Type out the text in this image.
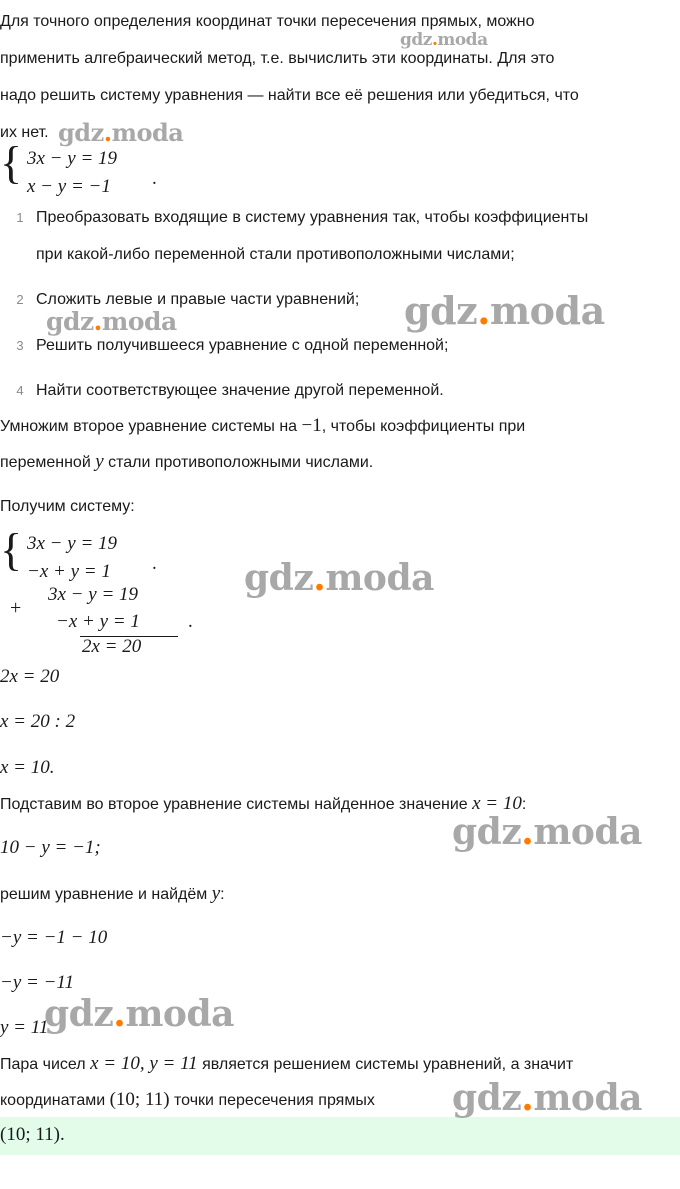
Для точного определения координат точки пересечения прямых, можно
применить алгебраический метод, т.е. вычислить эти координаты. Для это
надо решить систему уравнения — найти все её решения или убедиться, что
их нет.
{ 3x − y = 19
x − y = −1 .
1 Преобразовать входящие в систему уравнения так, чтобы коэффициенты
при какой-либо переменной стали противоположными числами;
2 Сложить левые и правые части уравнений;
3 Решить получившееся уравнение с одной переменной;
4 Найти соответствующее значение другой переменной.
Умножим второе уравнение системы на −1, чтобы коэффициенты при
переменной y стали противоположными числами.
Получим систему:
{ 3x − y = 19
−x + y = 1 .
+
3x − y = 19
−x + y = 1
2x = 20
.
2x = 20
x = 20 : 2
x = 10.
Подставим во второе уравнение системы найденное значение x = 10:
10 − y = −1;
решим уравнение и найдём y:
−y = −1 − 10
−y = −11
y = 11.
Пара чисел x = 10, y = 11 является решением системы уравнений, а значит
координатами (10; 11) точки пересечения прямых
(10; 11).
gdz.moda
gdz.moda
gdz.moda
gdz.moda
gdz.moda
gdz.moda
gdz.moda
gdz.moda
